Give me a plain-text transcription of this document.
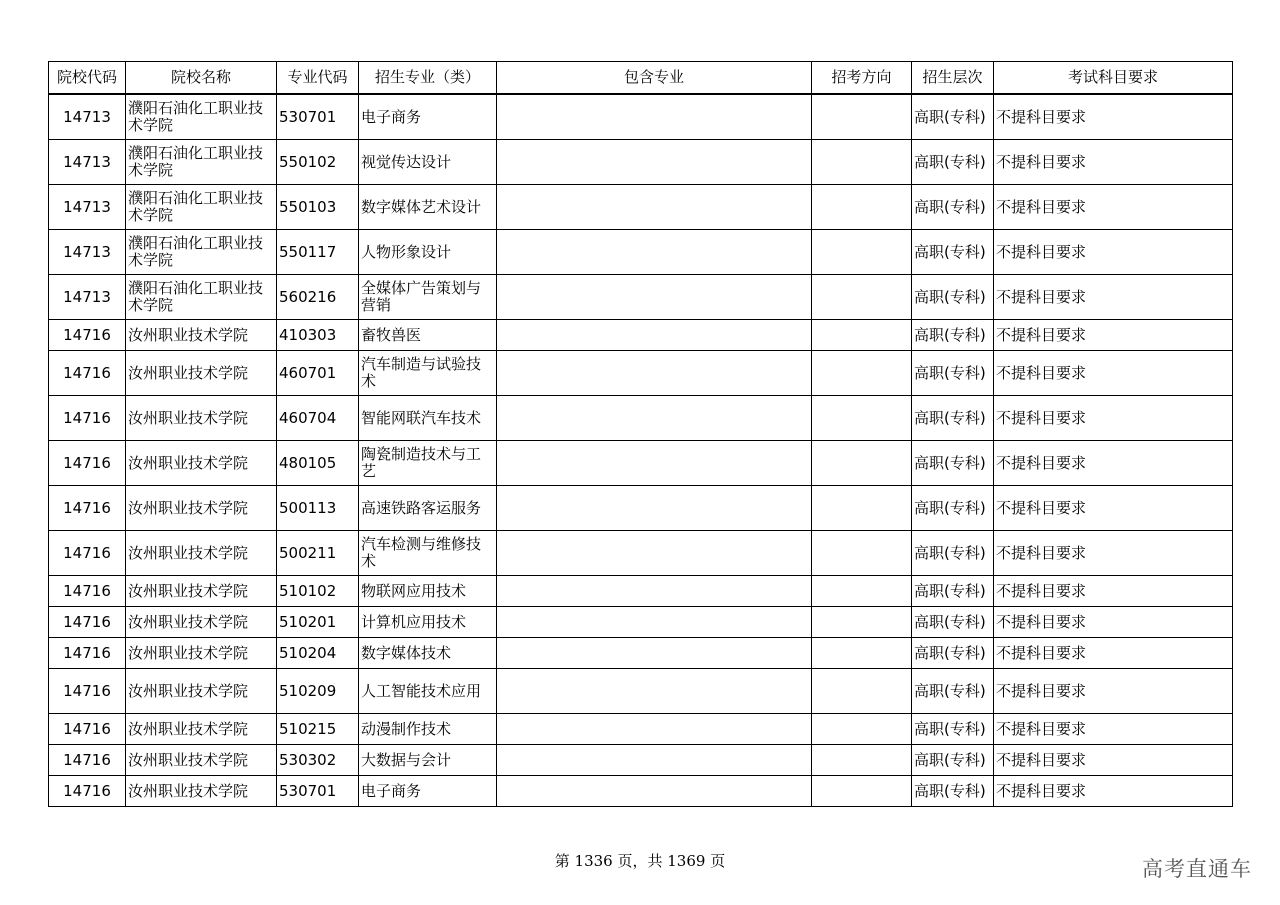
院校代码	院校名称	专业代码	招生专业（类）	包含专业	招考方向	招生层次	考试科目要求
14713	濮阳石油化工职业技术学院	530701	电子商务			高职(专科)	不提科目要求
14713	濮阳石油化工职业技术学院	550102	视觉传达设计			高职(专科)	不提科目要求
14713	濮阳石油化工职业技术学院	550103	数字媒体艺术设计			高职(专科)	不提科目要求
14713	濮阳石油化工职业技术学院	550117	人物形象设计			高职(专科)	不提科目要求
14713	濮阳石油化工职业技术学院	560216	全媒体广告策划与营销			高职(专科)	不提科目要求
14716	汝州职业技术学院	410303	畜牧兽医			高职(专科)	不提科目要求
14716	汝州职业技术学院	460701	汽车制造与试验技术			高职(专科)	不提科目要求
14716	汝州职业技术学院	460704	智能网联汽车技术			高职(专科)	不提科目要求
14716	汝州职业技术学院	480105	陶瓷制造技术与工艺			高职(专科)	不提科目要求
14716	汝州职业技术学院	500113	高速铁路客运服务			高职(专科)	不提科目要求
14716	汝州职业技术学院	500211	汽车检测与维修技术			高职(专科)	不提科目要求
14716	汝州职业技术学院	510102	物联网应用技术			高职(专科)	不提科目要求
14716	汝州职业技术学院	510201	计算机应用技术			高职(专科)	不提科目要求
14716	汝州职业技术学院	510204	数字媒体技术			高职(专科)	不提科目要求
14716	汝州职业技术学院	510209	人工智能技术应用			高职(专科)	不提科目要求
14716	汝州职业技术学院	510215	动漫制作技术			高职(专科)	不提科目要求
14716	汝州职业技术学院	530302	大数据与会计			高职(专科)	不提科目要求
14716	汝州职业技术学院	530701	电子商务			高职(专科)	不提科目要求
第 1336 页，共 1369 页	高考直通车
